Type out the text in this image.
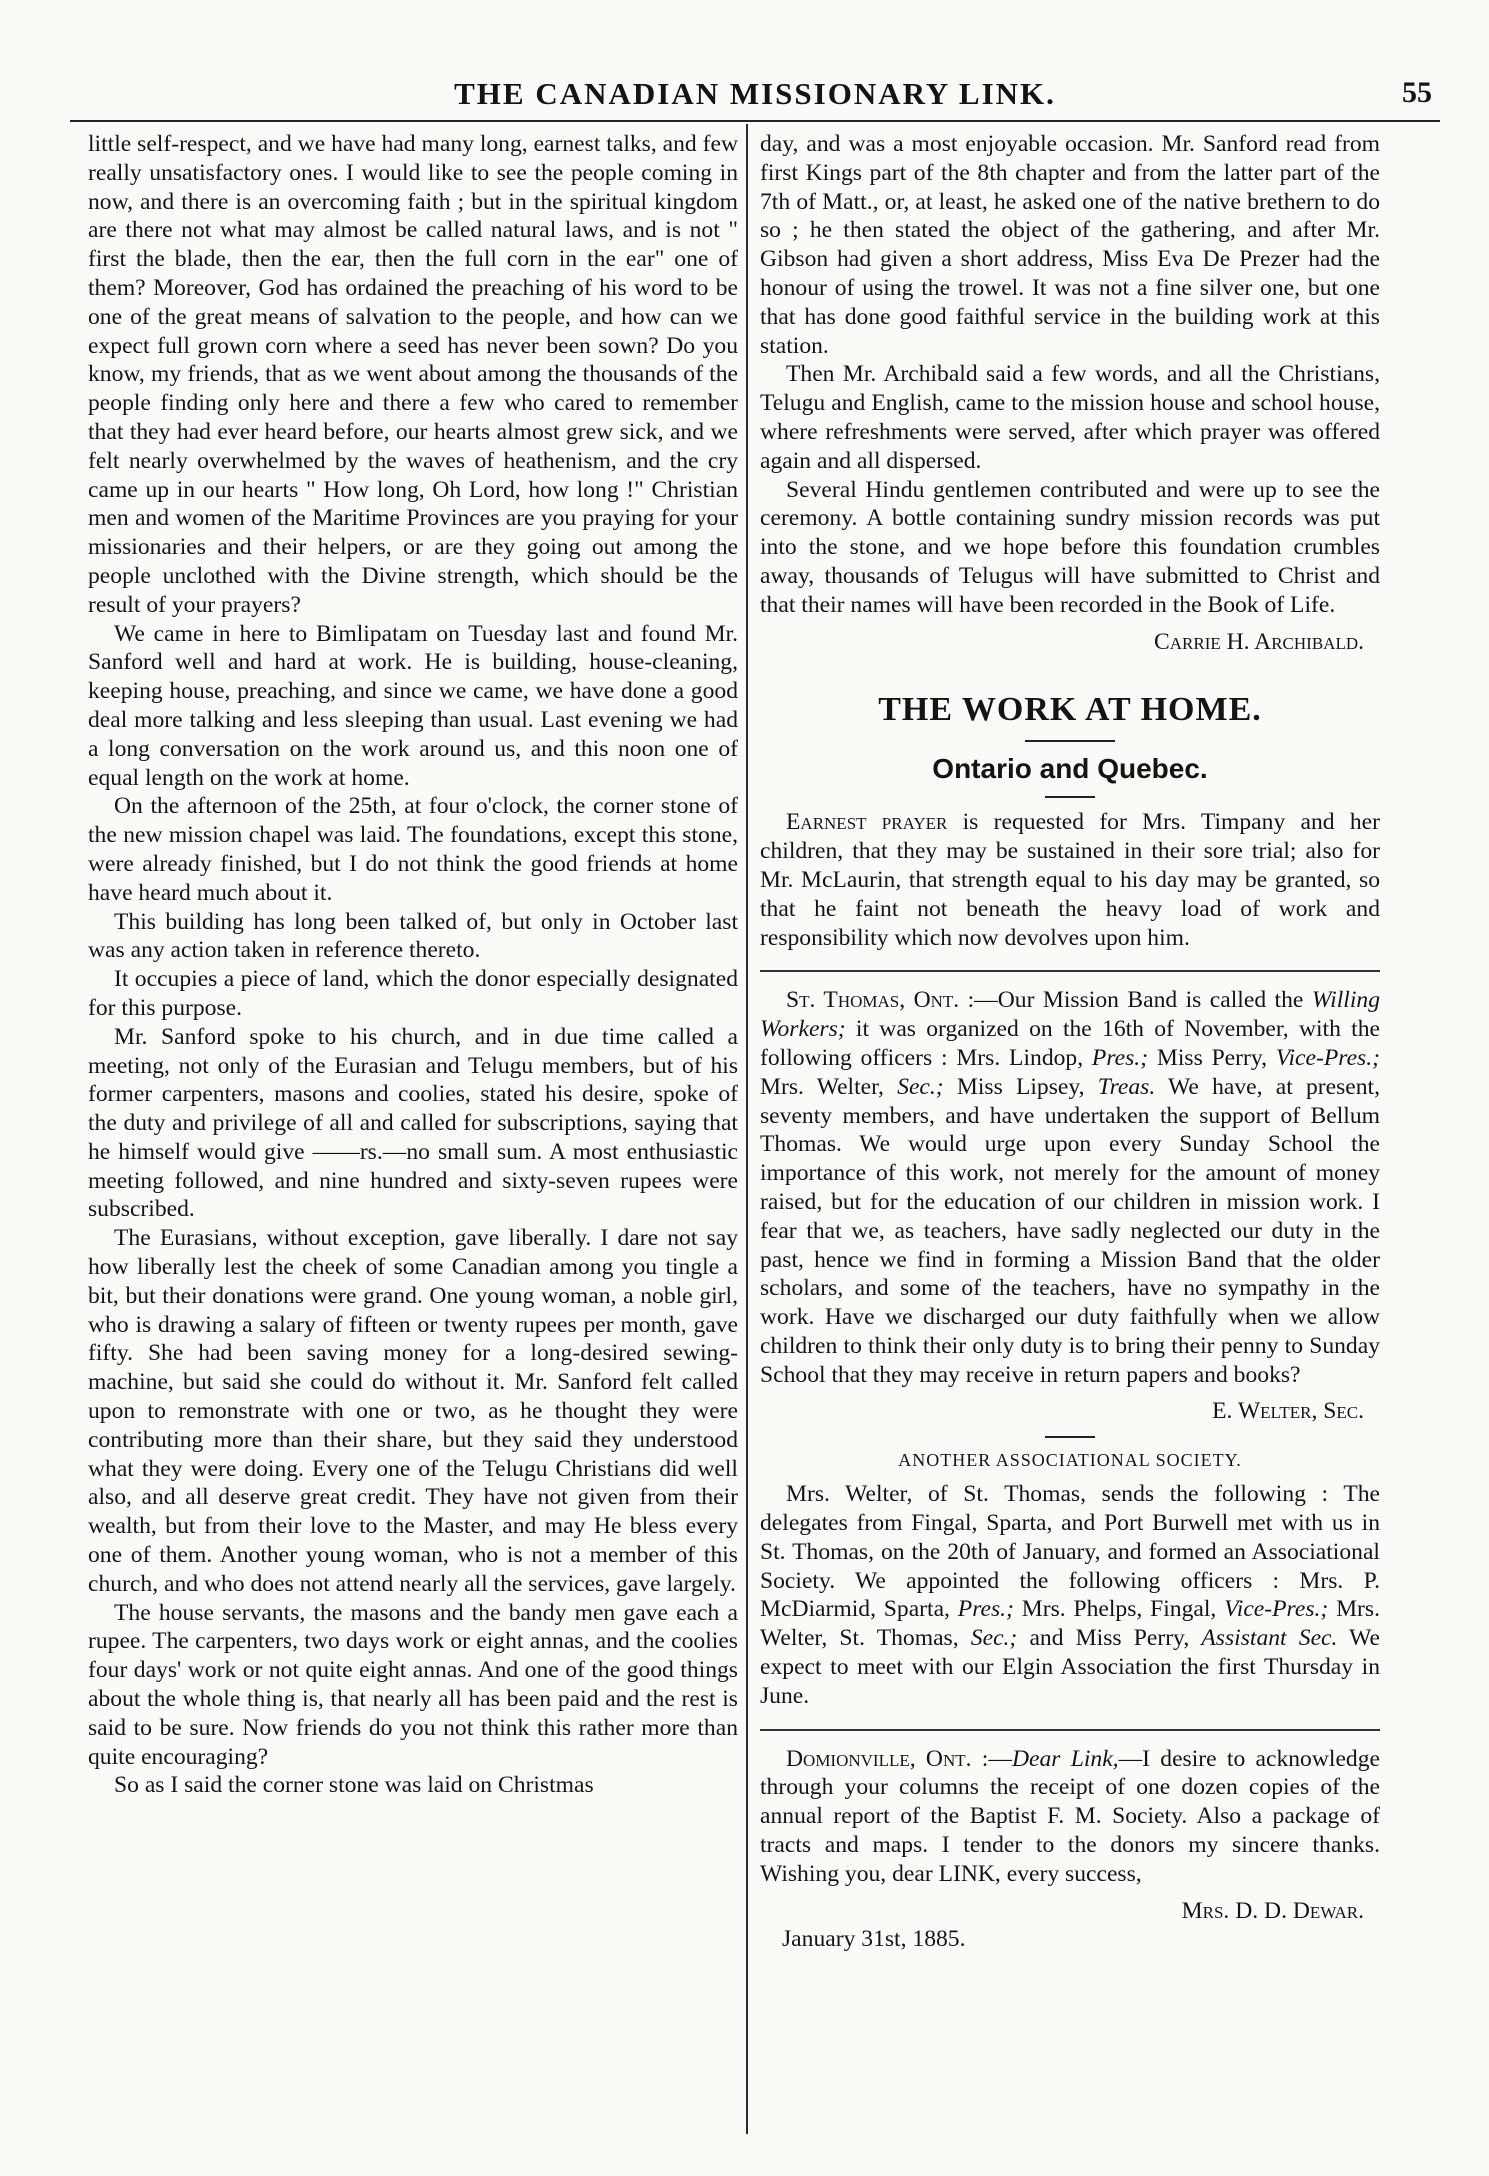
THE CANADIAN MISSIONARY LINK.	55

little self-respect, and we have had many long, earnest talks, and few really unsatisfactory ones. I would like to see the people coming in now, and there is an overcoming faith ; but in the spiritual kingdom are there not what may almost be called natural laws, and is not " first the blade, then the ear, then the full corn in the ear" one of them? Moreover, God has ordained the preaching of his word to be one of the great means of salvation to the people, and how can we expect full grown corn where a seed has never been sown? Do you know, my friends, that as we went about among the thousands of the people finding only here and there a few who cared to remember that they had ever heard before, our hearts almost grew sick, and we felt nearly overwhelmed by the waves of heathenism, and the cry came up in our hearts " How long, Oh Lord, how long !" Christian men and women of the Maritime Provinces are you praying for your missionaries and their helpers, or are they going out among the people unclothed with the Divine strength, which should be the result of your prayers?

We came in here to Bimlipatam on Tuesday last and found Mr. Sanford well and hard at work. He is building, house-cleaning, keeping house, preaching, and since we came, we have done a good deal more talking and less sleeping than usual. Last evening we had a long conversation on the work around us, and this noon one of equal length on the work at home.

On the afternoon of the 25th, at four o'clock, the corner stone of the new mission chapel was laid. The foundations, except this stone, were already finished, but I do not think the good friends at home have heard much about it.

This building has long been talked of, but only in October last was any action taken in reference thereto.

It occupies a piece of land, which the donor especially designated for this purpose.

Mr. Sanford spoke to his church, and in due time called a meeting, not only of the Eurasian and Telugu members, but of his former carpenters, masons and coolies, stated his desire, spoke of the duty and privilege of all and called for subscriptions, saying that he himself would give ——rs.—no small sum. A most enthusiastic meeting followed, and nine hundred and sixty-seven rupees were subscribed.

The Eurasians, without exception, gave liberally. I dare not say how liberally lest the cheek of some Canadian among you tingle a bit, but their donations were grand. One young woman, a noble girl, who is drawing a salary of fifteen or twenty rupees per month, gave fifty. She had been saving money for a long-desired sewing-machine, but said she could do without it. Mr. Sanford felt called upon to remonstrate with one or two, as he thought they were contributing more than their share, but they said they understood what they were doing. Every one of the Telugu Christians did well also, and all deserve great credit. They have not given from their wealth, but from their love to the Master, and may He bless every one of them. Another young woman, who is not a member of this church, and who does not attend nearly all the services, gave largely.

The house servants, the masons and the bandy men gave each a rupee. The carpenters, two days work or eight annas, and the coolies four days' work or not quite eight annas. And one of the good things about the whole thing is, that nearly all has been paid and the rest is said to be sure. Now friends do you not think this rather more than quite encouraging?

So as I said the corner stone was laid on Christmas

day, and was a most enjoyable occasion. Mr. Sanford read from first Kings part of the 8th chapter and from the latter part of the 7th of Matt., or, at least, he asked one of the native brethern to do so ; he then stated the object of the gathering, and after Mr. Gibson had given a short address, Miss Eva De Prezer had the honour of using the trowel. It was not a fine silver one, but one that has done good faithful service in the building work at this station.

Then Mr. Archibald said a few words, and all the Christians, Telugu and English, came to the mission house and school house, where refreshments were served, after which prayer was offered again and all dispersed.

Several Hindu gentlemen contributed and were up to see the ceremony. A bottle containing sundry mission records was put into the stone, and we hope before this foundation crumbles away, thousands of Telugus will have submitted to Christ and that their names will have been recorded in the Book of Life.

Carrie H. Archibald.
THE WORK AT HOME.
Ontario and Quebec.

Earnest prayer is requested for Mrs. Timpany and her children, that they may be sustained in their sore trial; also for Mr. McLaurin, that strength equal to his day may be granted, so that he faint not beneath the heavy load of work and responsibility which now devolves upon him.

St. Thomas, Ont. :—Our Mission Band is called the Willing Workers; it was organized on the 16th of November, with the following officers : Mrs. Lindop, Pres.; Miss Perry, Vice-Pres.; Mrs. Welter, Sec.; Miss Lipsey, Treas. We have, at present, seventy members, and have undertaken the support of Bellum Thomas. We would urge upon every Sunday School the importance of this work, not merely for the amount of money raised, but for the education of our children in mission work. I fear that we, as teachers, have sadly neglected our duty in the past, hence we find in forming a Mission Band that the older scholars, and some of the teachers, have no sympathy in the work. Have we discharged our duty faithfully when we allow children to think their only duty is to bring their penny to Sunday School that they may receive in return papers and books?

E. Welter, Sec.
ANOTHER ASSOCIATIONAL SOCIETY.

Mrs. Welter, of St. Thomas, sends the following : The delegates from Fingal, Sparta, and Port Burwell met with us in St. Thomas, on the 20th of January, and formed an Associational Society. We appointed the following officers : Mrs. P. McDiarmid, Sparta, Pres.; Mrs. Phelps, Fingal, Vice-Pres.; Mrs. Welter, St. Thomas, Sec.; and Miss Perry, Assistant Sec. We expect to meet with our Elgin Association the first Thursday in June.

Domionville, Ont. :—Dear Link,—I desire to acknowledge through your columns the receipt of one dozen copies of the annual report of the Baptist F. M. Society. Also a package of tracts and maps. I tender to the donors my sincere thanks. Wishing you, dear LINK, every success,

Mrs. D. D. Dewar.
January 31st, 1885.
